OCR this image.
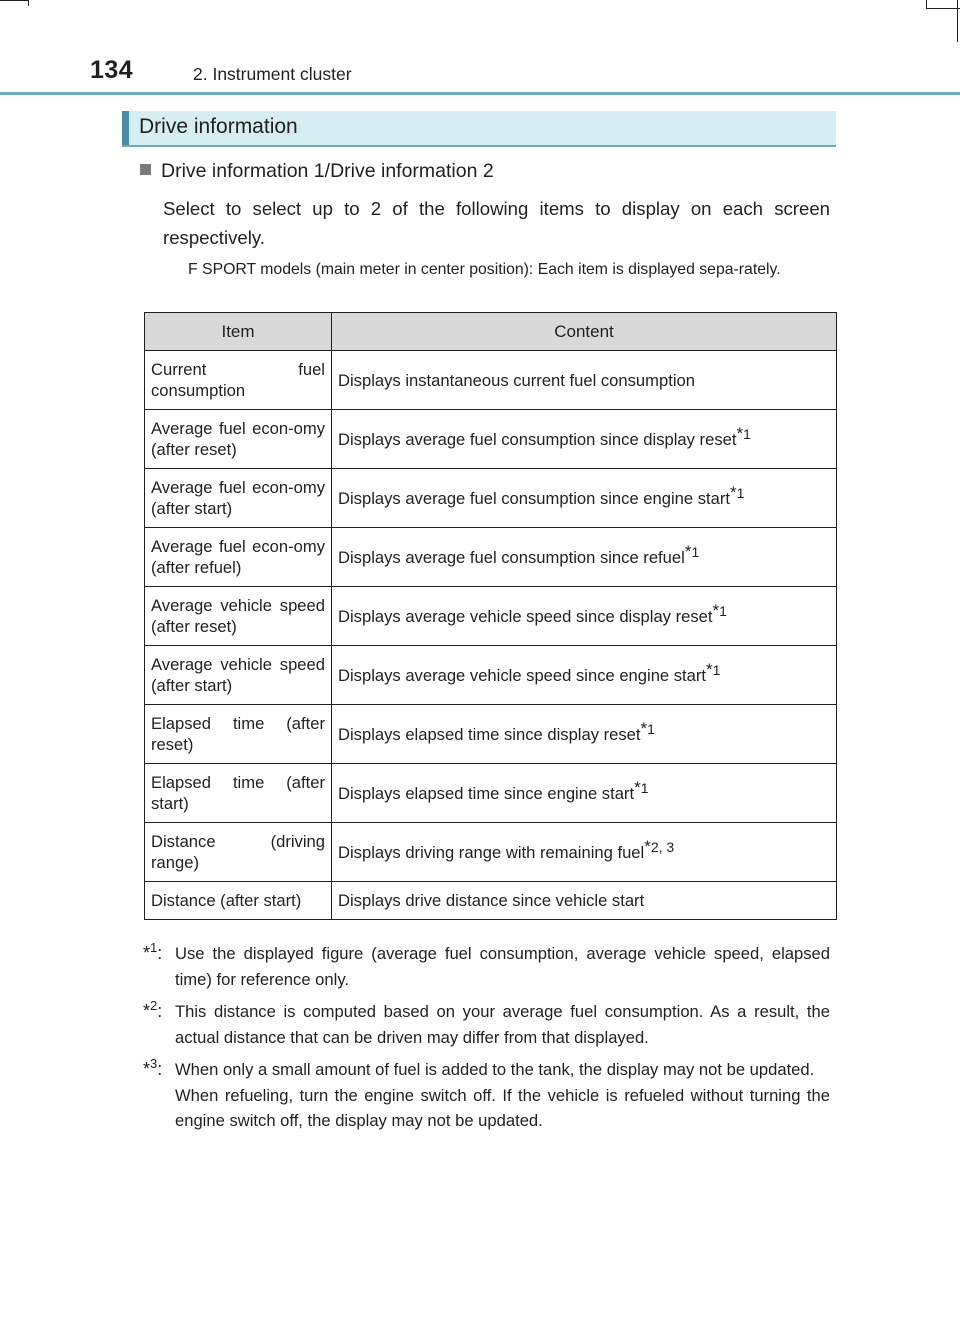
134	2. Instrument cluster
Drive information
Drive information 1/Drive information 2
Select to select up to 2 of the following items to display on each screen respectively.
F SPORT models (main meter in center position): Each item is displayed sepa-rately.
Item	Content
Current fuel consumption	Displays instantaneous current fuel consumption
Average fuel econ-omy (after reset)	Displays average fuel consumption since display reset$^{*1}$
Average fuel econ-omy (after start)	Displays average fuel consumption since engine start$^{*1}$
Average fuel econ-omy (after refuel)	Displays average fuel consumption since refuel$^{*1}$
Average vehicle speed (after reset)	Displays average vehicle speed since display reset$^{*1}$
Average vehicle speed (after start)	Displays average vehicle speed since engine start$^{*1}$
Elapsed time (after reset)	Displays elapsed time since display reset$^{*1}$
Elapsed time (after start)	Displays elapsed time since engine start$^{*1}$
Distance (driving range)	Displays driving range with remaining fuel$^{*2, 3}$
Distance (after start)	Displays drive distance since vehicle start
*$^1$: Use the displayed figure (average fuel consumption, average vehicle speed, elapsed time) for reference only.
*$^2$: This distance is computed based on your average fuel consumption. As a result, the actual distance that can be driven may differ from that displayed.
*$^3$: When only a small amount of fuel is added to the tank, the display may not be updated.
When refueling, turn the engine switch off. If the vehicle is refueled without turning the engine switch off, the display may not be updated.
